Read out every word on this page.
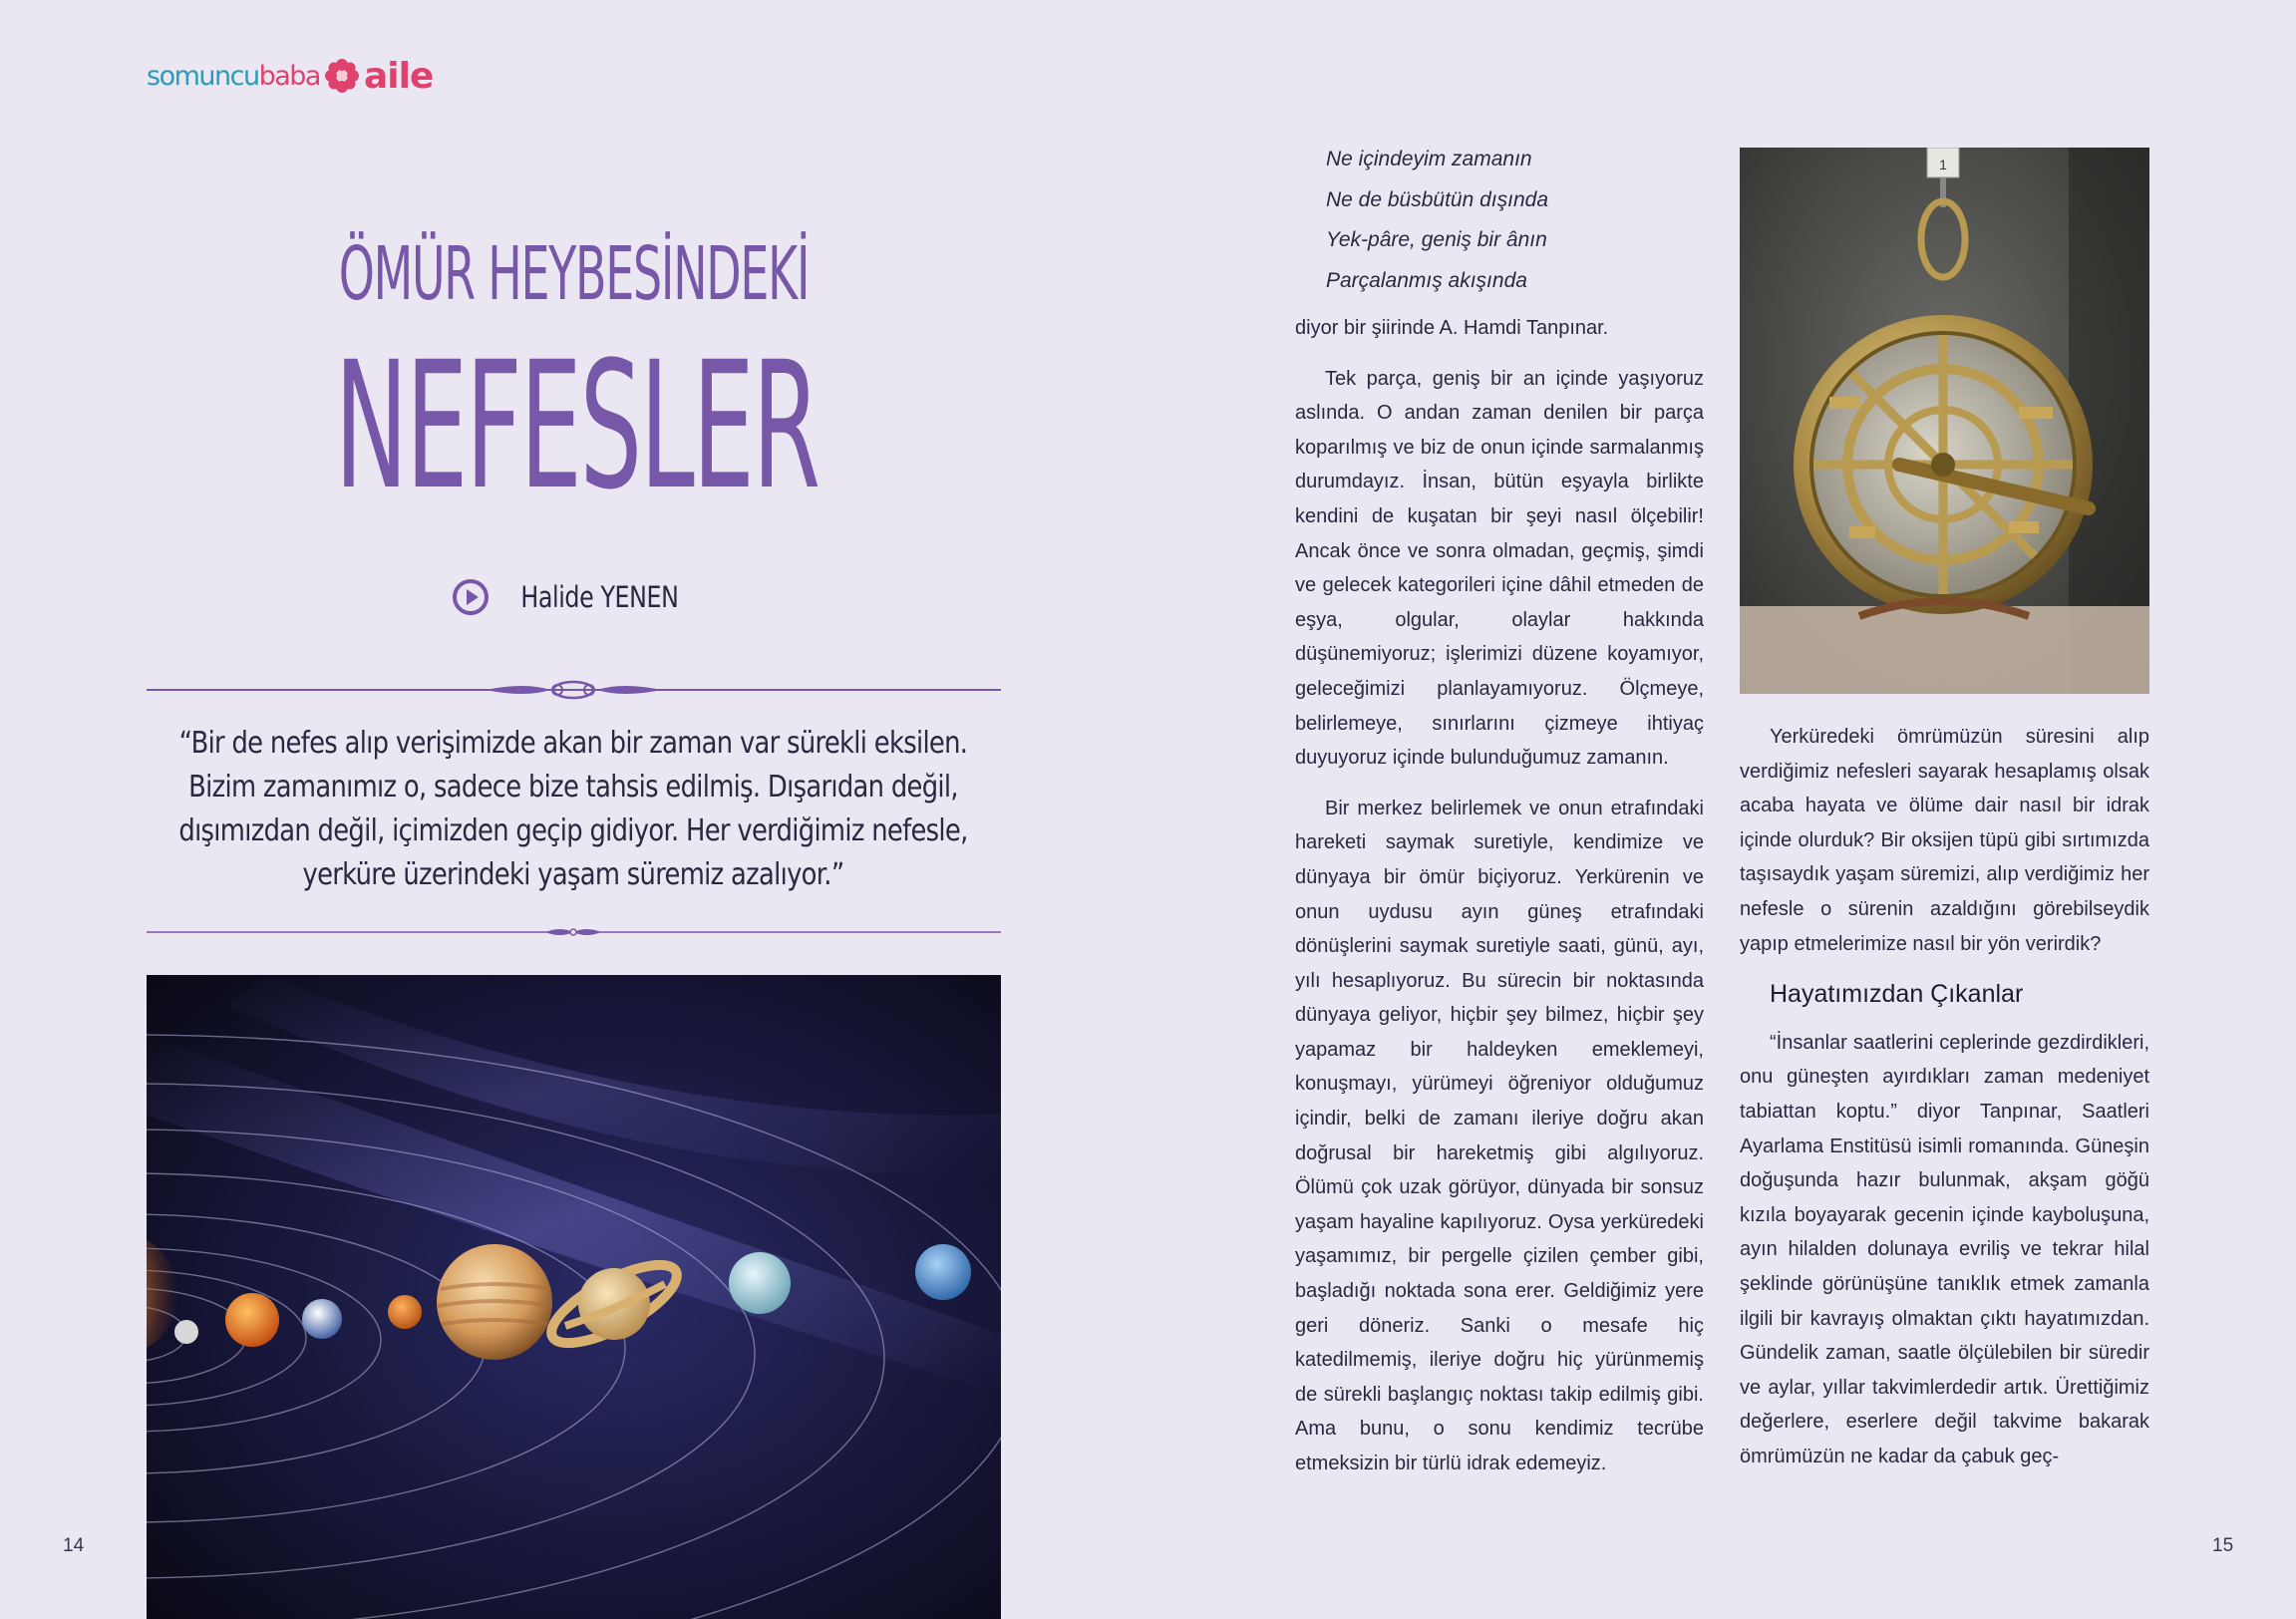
somuncu baba aile
ÖMÜR HEYBESİNDEKİ
NEFESLER
Halide YENEN
“Bir de nefes alıp verişimizde akan bir zaman var sürekli eksilen. Bizim zamanımız o, sadece bize tahsis edilmiş. Dışarıdan değil, dışımızdan değil, içimizden geçip gidiyor. Her verdiğimiz nefesle, yerküre üzerindeki yaşam süremiz azalıyor.”
14	15
Ne içindeyim zamanın
Ne de büsbütün dışında
Yek-pâre, geniş bir ânın
Parçalanmış akışında

diyor bir şiirinde A. Hamdi Tanpınar.

Tek parça, geniş bir an içinde yaşıyoruz aslında. O andan zaman denilen bir parça koparılmış ve biz de onun içinde sarmalanmış durumdayız. İnsan, bütün eşyayla birlikte kendini de kuşatan bir şeyi nasıl ölçebilir! Ancak önce ve sonra olmadan, geçmiş, şimdi ve gelecek kategorileri içine dâhil etmeden de eşya, olgular, olaylar hakkında düşünemiyoruz; işlerimizi düzene koyamıyor, geleceğimizi planlayamıyoruz. Ölçmeye, belirlemeye, sınırlarını çizmeye ihtiyaç duyuyoruz içinde bulunduğumuz zamanın.

Bir merkez belirlemek ve onun etrafındaki hareketi saymak suretiyle, kendimize ve dünyaya bir ömür biçiyoruz. Yerkürenin ve onun uydusu ayın güneş etrafındaki dönüşlerini saymak suretiyle saati, günü, ayı, yılı hesaplıyoruz. Bu sürecin bir noktasında dünyaya geliyor, hiçbir şey bilmez, hiçbir şey yapamaz bir haldeyken emeklemeyi, konuşmayı, yürümeyi öğreniyor olduğumuz içindir, belki de zamanı ileriye doğru akan doğrusal bir hareketmiş gibi algılıyoruz. Ölümü çok uzak görüyor, dünyada bir sonsuz yaşam hayaline kapılıyoruz. Oysa yerküredeki yaşamımız, bir pergelle çizilen çember gibi, başladığı noktada sona erer. Geldiğimiz yere geri döneriz. Sanki o mesafe hiç katedilmemiş, ileriye doğru hiç yürünmemiş de sürekli başlangıç noktası takip edilmiş gibi. Ama bunu, o sonu kendimiz tecrübe etmeksizin bir türlü idrak edemeyiz.

1

Yerküredeki ömrümüzün süresini alıp verdiğimiz nefesleri sayarak hesaplamış olsak acaba hayata ve ölüme dair nasıl bir idrak içinde olurduk? Bir oksijen tüpü gibi sırtımızda taşısaydık yaşam süremizi, alıp verdiğimiz her nefesle o sürenin azaldığını görebilseydik yapıp etmelerimize nasıl bir yön verirdik?

Hayatımızdan Çıkanlar

“İnsanlar saatlerini ceplerinde gezdirdikleri, onu güneşten ayırdıkları zaman medeniyet tabiattan koptu.” diyor Tanpınar, Saatleri Ayarlama Enstitüsü isimli romanında. Güneşin doğuşunda hazır bulunmak, akşam göğü kızıla boyayarak gecenin içinde kayboluşuna, ayın hilalden dolunaya evriliş ve tekrar hilal şeklinde görünüşüne tanıklık etmek zamanla ilgili bir kavrayış olmaktan çıktı hayatımızdan. Gündelik zaman, saatle ölçülebilen bir süredir ve aylar, yıllar takvimlerdedir artık. Ürettiğimiz değerlere, eserlere değil takvime bakarak ömrümüzün ne kadar da çabuk geç-
